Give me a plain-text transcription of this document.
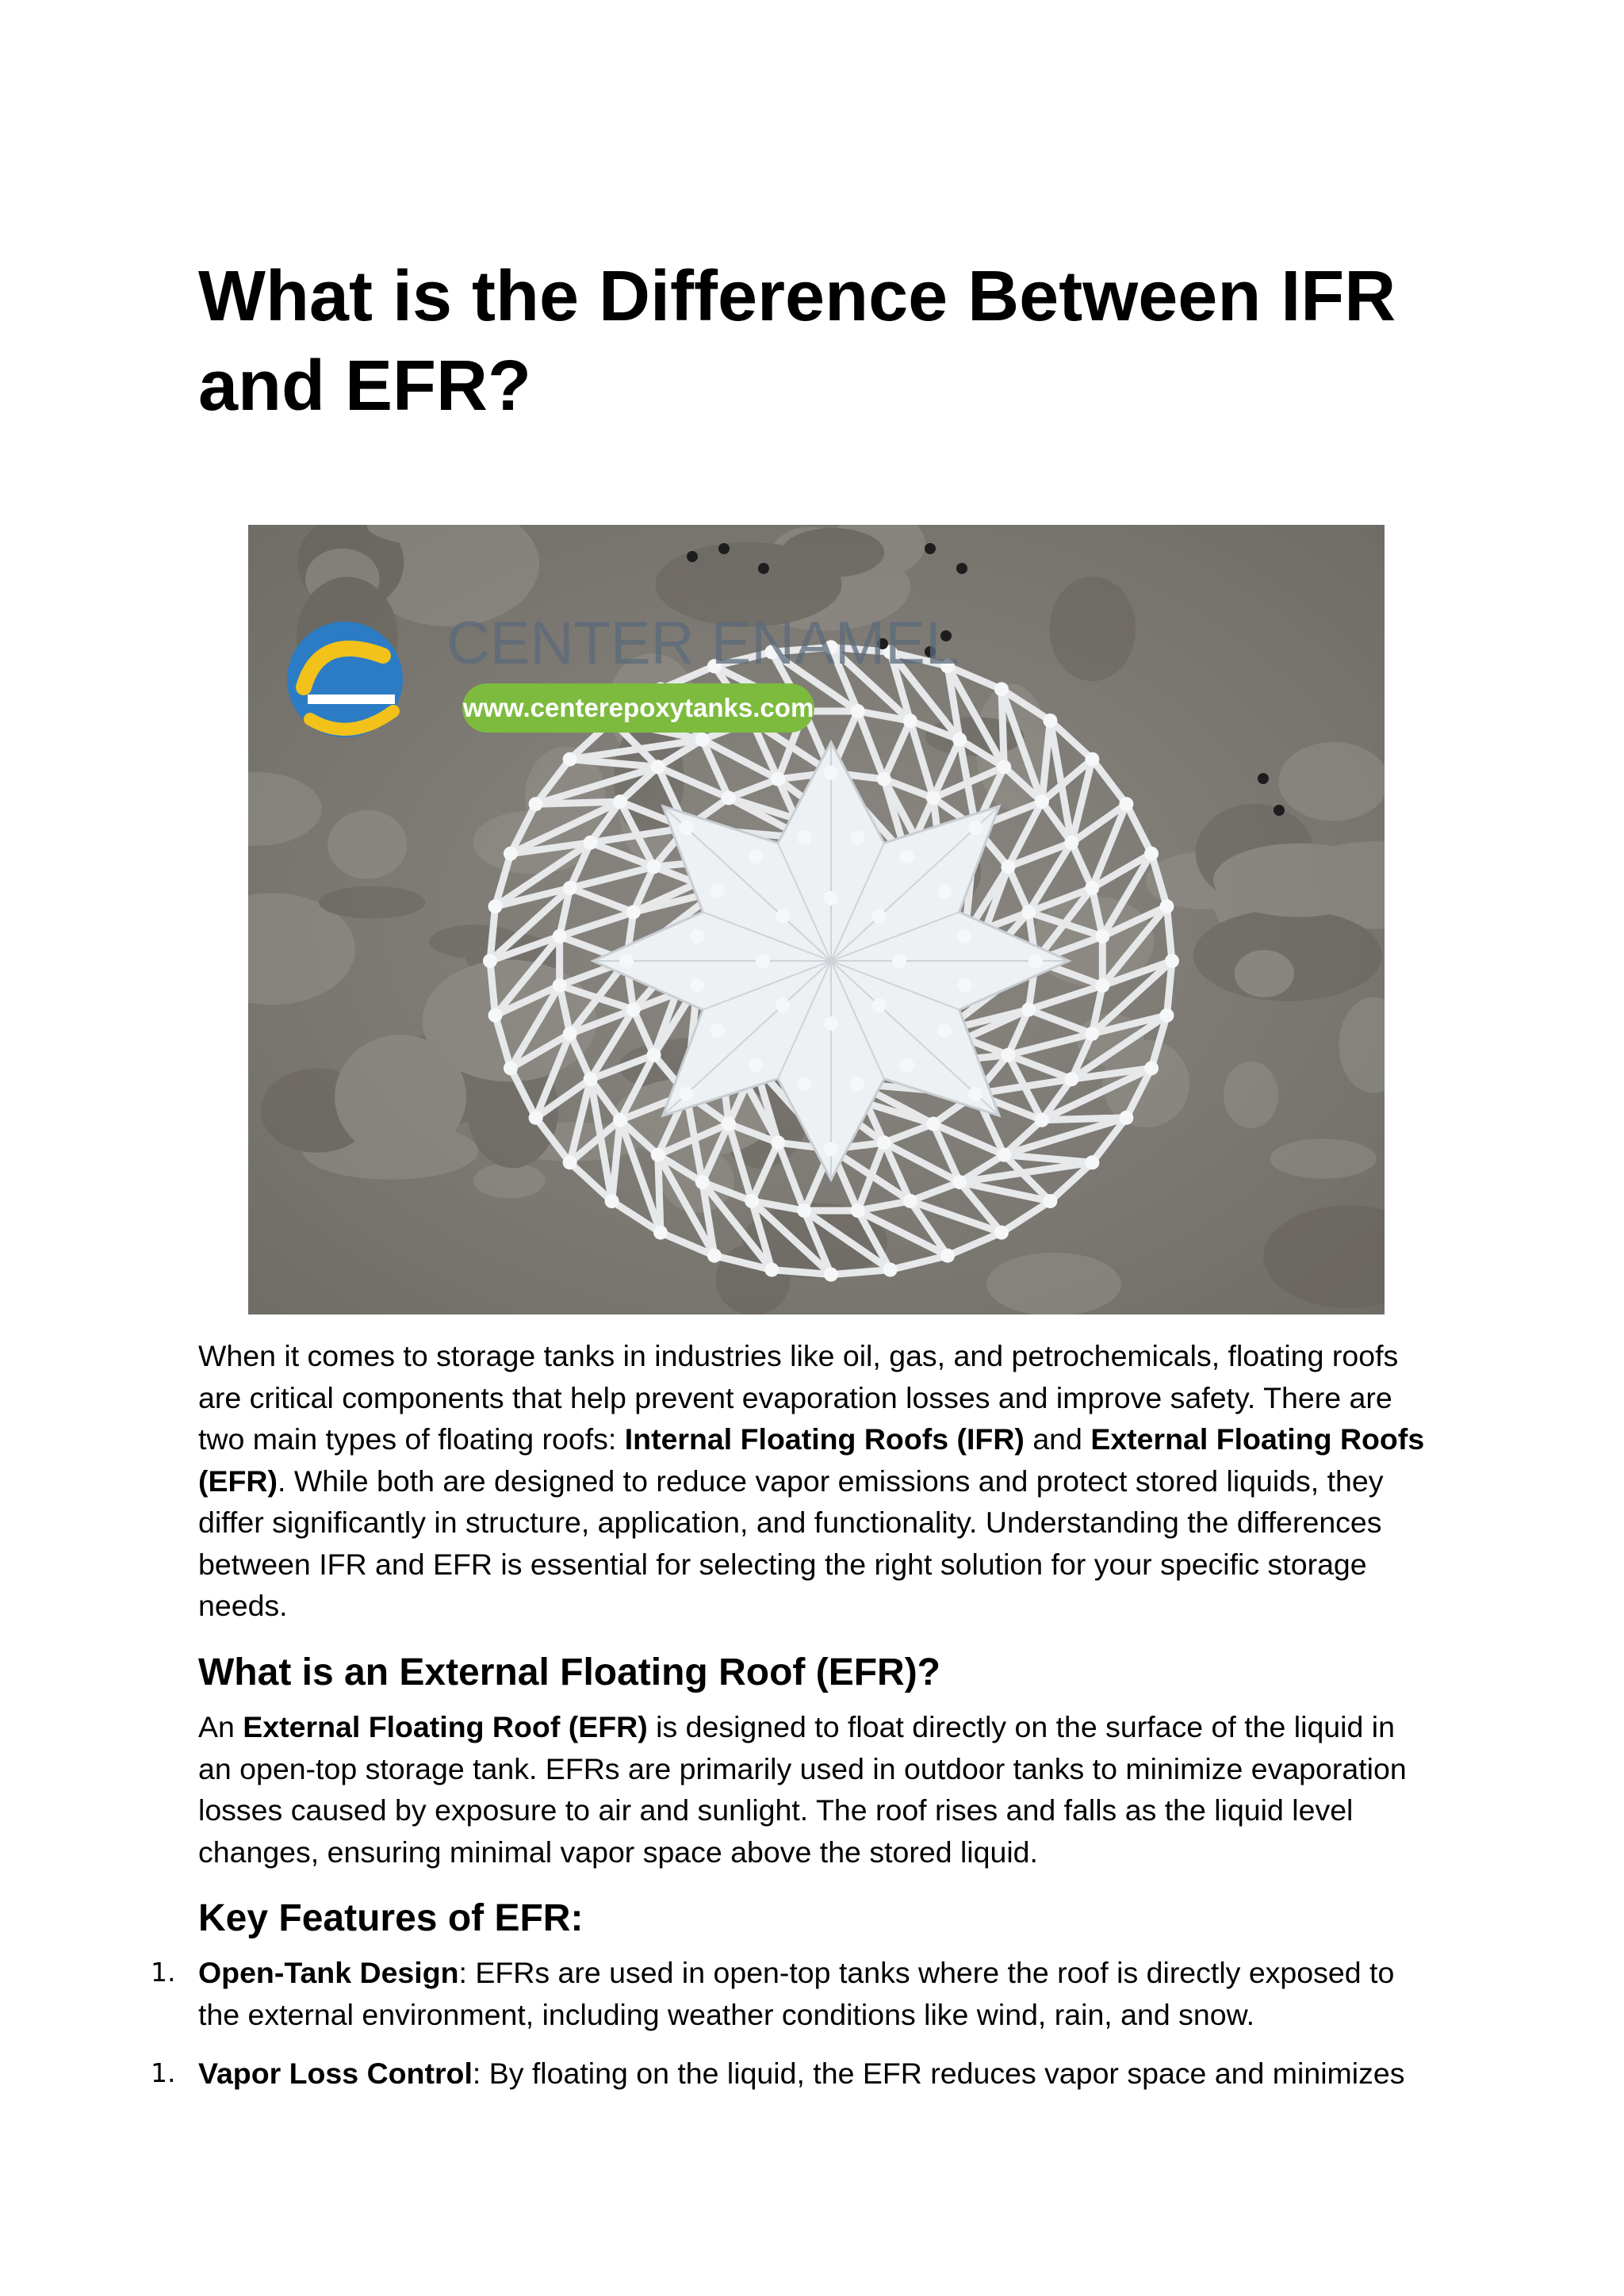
What is the Difference Between IFR and EFR?
CENTER ENAMEL
www.centerepoxytanks.com

When it comes to storage tanks in industries like oil, gas, and petrochemicals, floating roofs are critical components that help prevent evaporation losses and improve safety. There are two main types of floating roofs: Internal Floating Roofs (IFR) and External Floating Roofs (EFR). While both are designed to reduce vapor emissions and protect stored liquids, they differ significantly in structure, application, and functionality. Understanding the differences between IFR and EFR is essential for selecting the right solution for your specific storage needs.

What is an External Floating Roof (EFR)?

An External Floating Roof (EFR) is designed to float directly on the surface of the liquid in an open-top storage tank. EFRs are primarily used in outdoor tanks to minimize evaporation losses caused by exposure to air and sunlight. The roof rises and falls as the liquid level changes, ensuring minimal vapor space above the stored liquid.

Key Features of EFR:
1. Open-Tank Design: EFRs are used in open-top tanks where the roof is directly exposed to the external environment, including weather conditions like wind, rain, and snow.
1. Vapor Loss Control: By floating on the liquid, the EFR reduces vapor space and minimizes
